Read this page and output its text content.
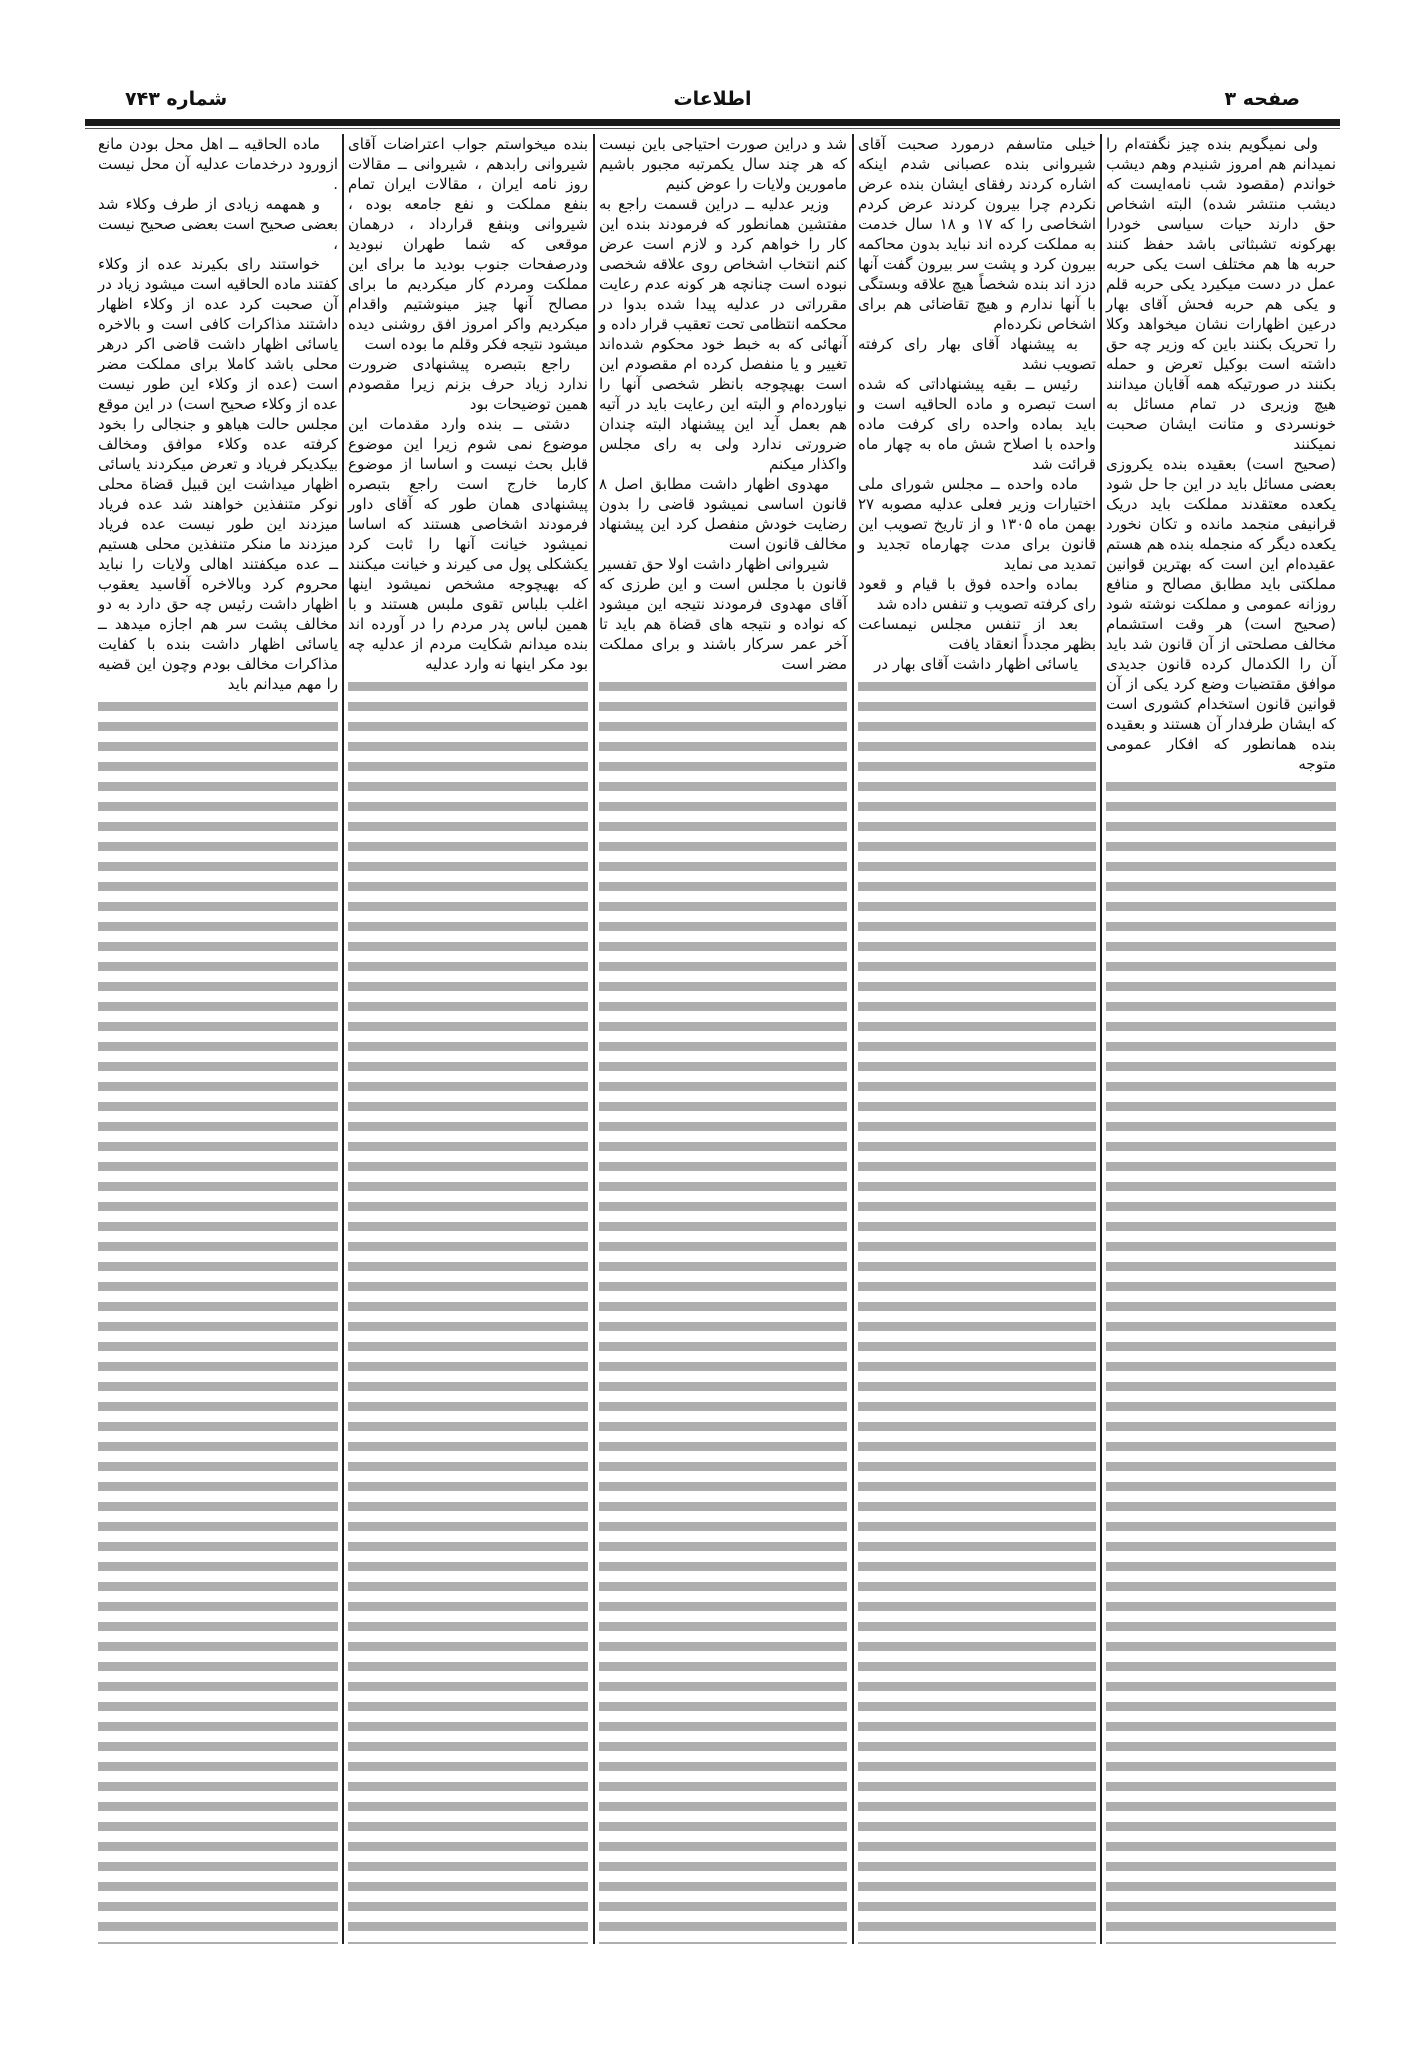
صفحه ۳
اطلاعات
شماره ۷۴۳

ولی نمیگویم بنده چیز نگفته‌ام را نمیدانم هم امروز شنیدم وهم دیشب خواندم (مقصود شب نامه‌ایست که دیشب منتشر شده) البته اشخاص حق دارند حیات سیاسی خودرا بهرکونه تشبثاتی باشد حفظ کنند حربه ها هم مختلف است یکی حربه عمل در دست میکیرد یکی حربه قلم و یکی هم حربه فحش آقای بهار درعین اظهارات نشان میخواهد وکلا را تحریک بکنند باین که وزیر چه حق داشته است بوکیل تعرض و حمله بکنند در صورتیکه همه آقایان میدانند هیچ وزیری در تمام مسائل به خونسردی و متانت ایشان صحبت نمیکنند

(صحیح است) بعقیده بنده یکروزی بعضی مسائل باید در این جا حل شود یکعده معتقدند مملکت باید دریک قرانیفی منجمد مانده و تکان نخورد یکعده دیگر که منجمله بنده هم هستم عقیده‌ام این است که بهترین قوانین مملکتی باید مطابق مصالح و منافع روزانه عمومی و مملکت نوشته شود (صحیح است) هر وقت استشمام مخالف مصلحتی از آن قانون شد باید آن را الکدمال کرده قانون جدیدی موافق مقتضیات وضع کرد یکی از آن قوانین قانون استخدام کشوری است که ایشان طرفدار آن هستند و بعقیده بنده همانطور که افکار عمومی متوجه

خیلی متاسفم درمورد صحبت آقای شیروانی بنده عصبانی شدم اینکه اشاره کردند رفقای ایشان بنده عرض نکردم چرا بیرون کردند عرض کردم اشخاصی را که ۱۷ و ۱۸ سال خدمت به مملکت کرده اند نباید بدون محاکمه بیرون کرد و پشت سر بیرون گفت آنها دزد اند بنده شخصاً هیچ علاقه وبستگی با آنها ندارم و هیچ تقاضائی هم برای اشخاص نکرده‌ام

به پیشنهاد آقای بهار رای کرفته تصویب نشد

رئیس ــ بقیه پیشنهاداتی که شده است تبصره و ماده الحاقیه است و باید بماده واحده رای کرفت ماده واحده با اصلاح شش ماه به چهار ماه قرائت شد

ماده واحده ــ مجلس شورای ملی اختیارات وزیر فعلی عدلیه مصوبه ۲۷ بهمن ماه ۱۳۰۵ و از تاریخ تصویب این قانون برای مدت چهارماه تجدید و تمدید می نماید

بماده واحده فوق با قیام و قعود رای کرفته تصویب و تنفس داده شد

بعد از تنفس مجلس نیمساعت بظهر مجدداً انعقاد یافت

یاسائی اظهار داشت آقای بهار در

شد و دراین صورت احتیاجی باین نیست که هر چند سال یکمرتبه مجبور باشیم مامورین ولایات را عوض کنیم

وزیر عدلیه ــ دراین قسمت راجع به مفتشین همانطور که فرمودند بنده این کار را خواهم کرد و لازم است عرض کنم انتخاب اشخاص روی علاقه شخصی نبوده است چنانچه هر کونه عدم رعایت مقرراتی در عدلیه پیدا شده بدوا در محکمه انتظامی تحت تعقیب قرار داده و آنهائی که به خبط خود محکوم شده‌اند تغییر و یا منفصل کرده ام مقصودم این است بهیچوجه بانظر شخصی آنها را نیاورده‌ام و البته این رعایت باید در آتیه هم بعمل آید این پیشنهاد البته چندان ضرورتی ندارد ولی به رای مجلس واکذار میکنم

مهدوی اظهار داشت مطابق اصل ۸ قانون اساسی نمیشود قاضی را بدون رضایت خودش منفصل کرد این پیشنهاد مخالف قانون است

شیروانی اظهار داشت اولا حق تفسیر قانون با مجلس است و این طرزی که آقای مهدوی فرمودند نتیجه این میشود که نواده و نتیجه های قضاة هم باید تا آخر عمر سرکار باشند و برای مملکت مضر است

بنده میخواستم جواب اعتراضات آقای شیروانی رابدهم ، شیروانی ــ مقالات روز نامه ایران ، مقالات ایران تمام بنفع مملکت و نفع جامعه بوده ، شیروانی وبنفع قرارداد ، درهمان موقعی که شما طهران نبودید ودرصفحات جنوب بودید ما برای این مملکت ومردم کار میکردیم ما برای مصالح آنها چیز مینوشتیم واقدام میکردیم واکر امروز افق روشنی دیده میشود نتیجه فکر وقلم ما بوده است

راجع بتبصره پیشنهادی ضرورت ندارد زیاد حرف بزنم زیرا مقصودم همین توضیحات بود

دشتی ــ بنده وارد مقدمات این موضوع نمی شوم زیرا این موضوع قابل بحث نیست و اساسا از موضوع کارما خارج است راجع بتبصره پیشنهادی همان طور که آقای داور فرمودند اشخاصی هستند که اساسا نمیشود خیانت آنها را ثابت کرد یکشکلی پول می کیرند و خیانت میکنند که بهیچوجه مشخص نمیشود اینها اغلب بلباس تقوی ملبس هستند و با همین لباس پدر مردم را در آورده اند بنده میدانم شکایت مردم از عدلیه چه بود مکر اینها نه وارد عدلیه

ماده الحاقیه ــ اهل محل بودن مانع ازورود درخدمات عدلیه آن محل نیست .

و همهمه زیادی از طرف وکلاء شد بعضی صحیح است بعضی صحیح نیست ،

خواستند رای بکیرند عده از وکلاء کفتند ماده الحاقیه است میشود زیاد در آن صحبت کرد عده از وکلاء اظهار داشتند مذاکرات کافی است و بالاخره یاسائی اظهار داشت قاضی اکر درهر محلی باشد کاملا برای مملکت مضر است (عده از وکلاء این طور نیست عده از وکلاء صحیح است) در این موقع مجلس حالت هیاهو و جنجالی را بخود کرفته عده وکلاء موافق ومخالف بیکدیکر فریاد و تعرض میکردند یاسائی اظهار میداشت این قبیل قضاة محلی نوکر متنفذین خواهند شد عده فریاد میزدند این طور نیست عده فریاد میزدند ما منکر متنفذین محلی هستیم ــ عده میکفتند اهالی ولایات را نباید محروم کرد وبالاخره آقاسید یعقوب اظهار داشت رئیس چه حق دارد به دو مخالف پشت سر هم اجازه میدهد ــ یاسائی اظهار داشت بنده با کفایت مذاکرات مخالف بودم وچون این قضیه را مهم میدانم باید
